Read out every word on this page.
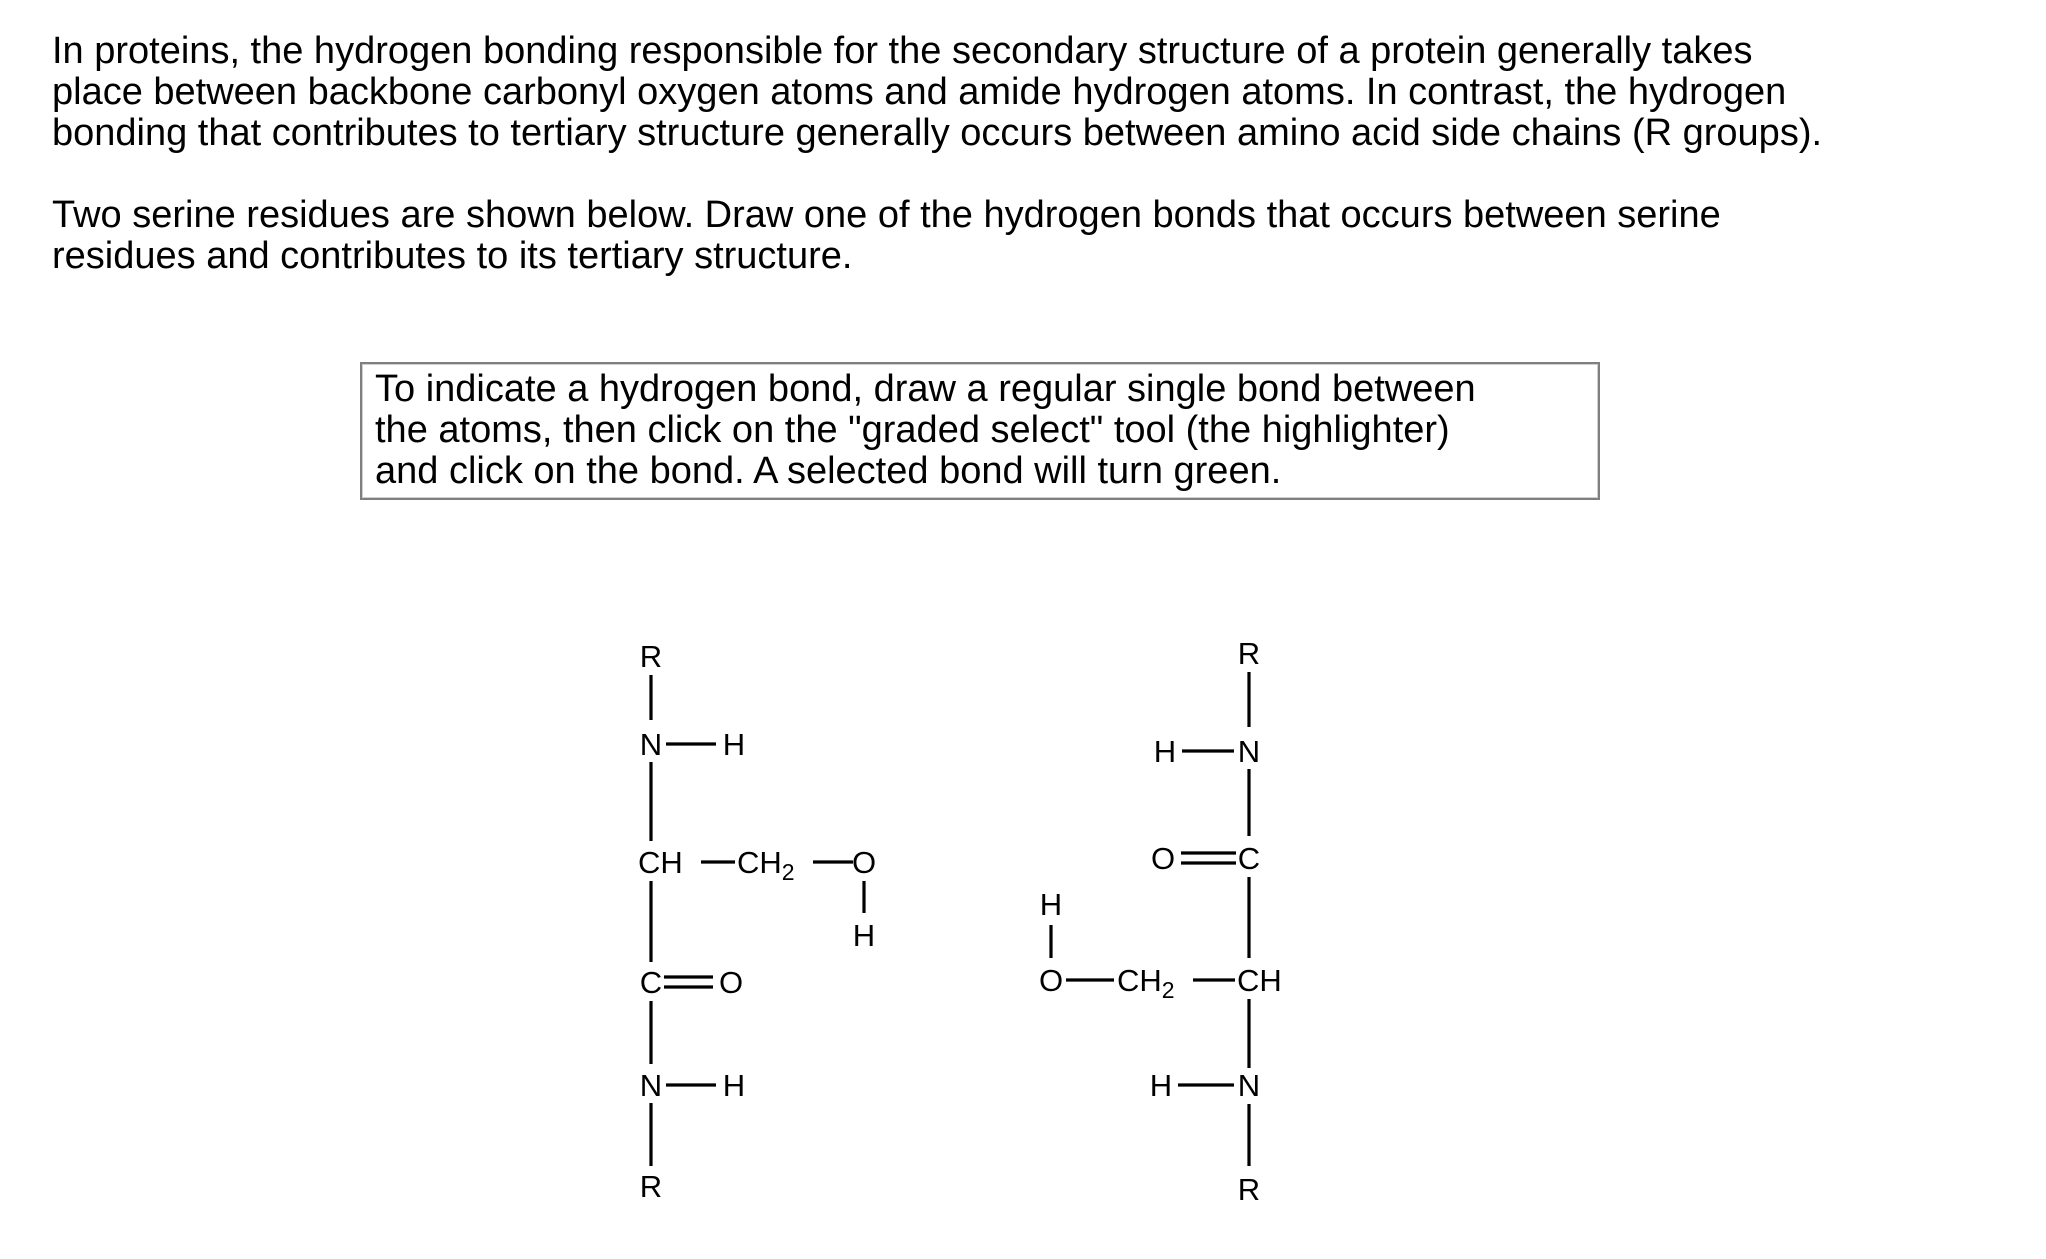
In proteins, the hydrogen bonding responsible for the secondary structure of a protein generally takes
place between backbone carbonyl oxygen atoms and amide hydrogen atoms. In contrast, the hydrogen
bonding that contributes to tertiary structure generally occurs between amino acid side chains (R groups).

Two serine residues are shown below. Draw one of the hydrogen bonds that occurs between serine
residues and contributes to its tertiary structure.

To indicate a hydrogen bond, draw a regular single bond between
the atoms, then click on the "graded select" tool (the highlighter)
and click on the bond. A selected bond will turn green.
R
N H
CH $CH_2$ O
H
C O
N H
R
R
H N
O C
H
O $CH_2$ CH
H N
R
